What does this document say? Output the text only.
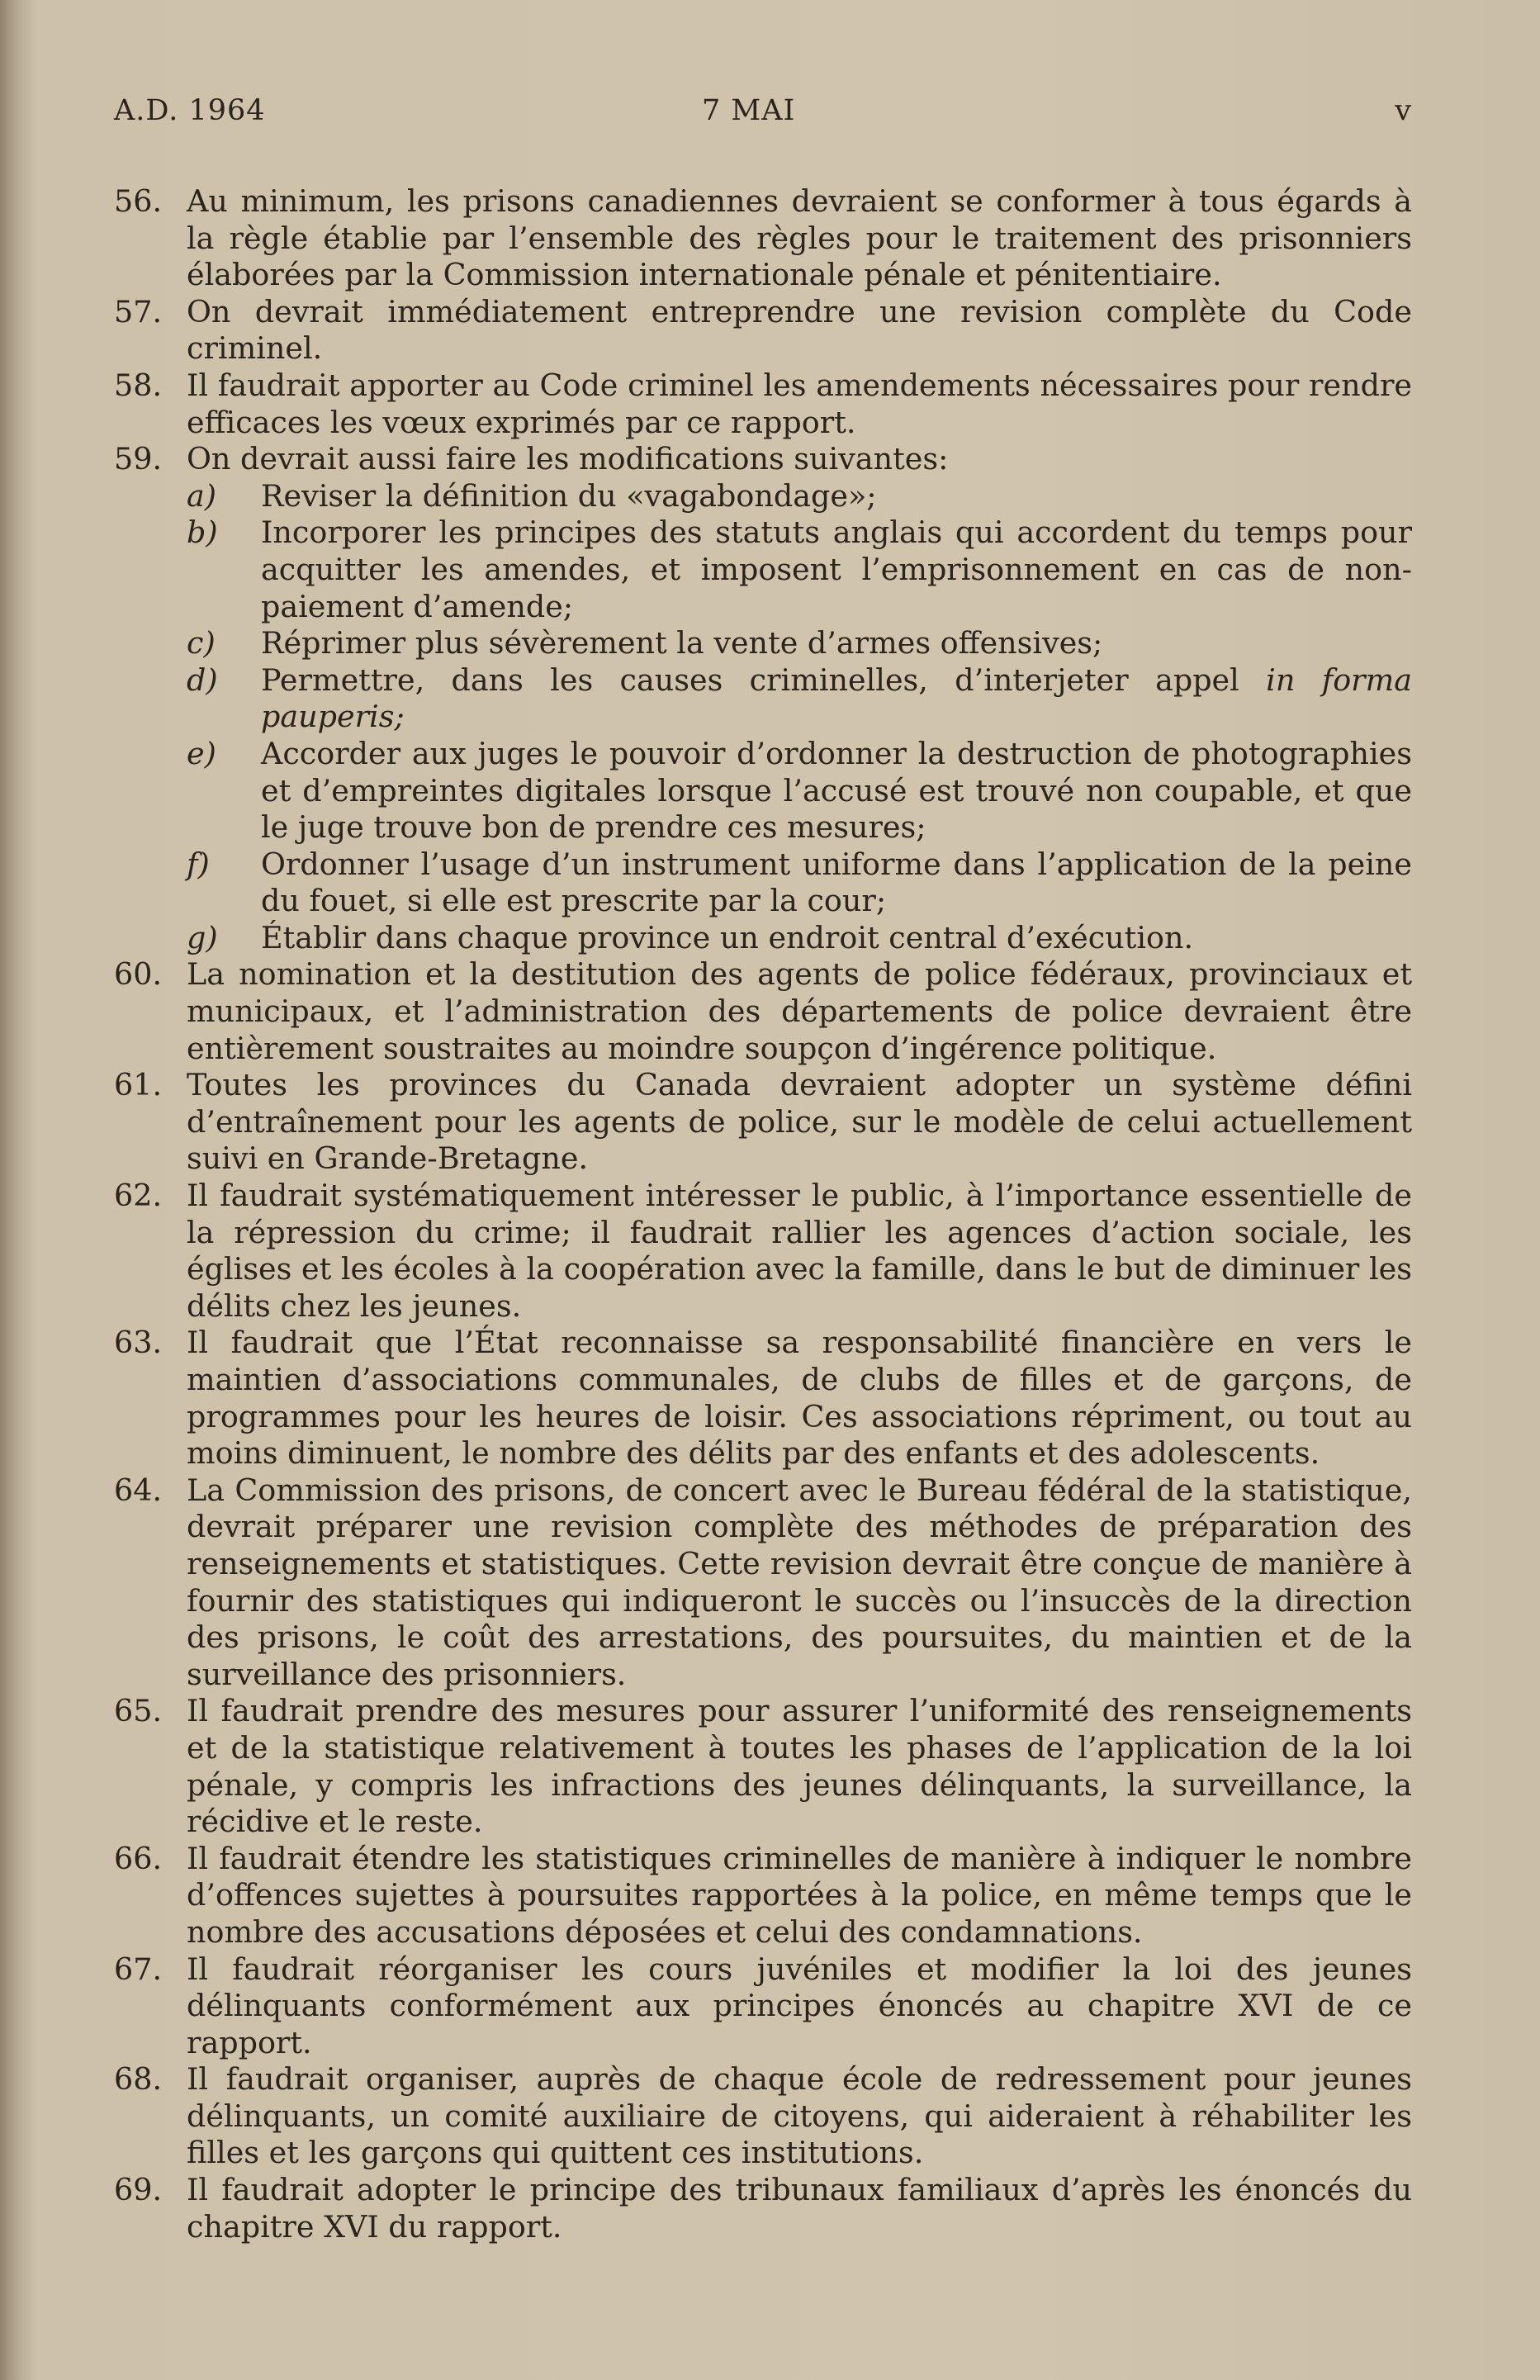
A.D. 1964	7 MAI	v
56. Au minimum, les prisons canadiennes devraient se conformer à tous égards à la règle établie par l’ensemble des règles pour le traitement des prisonniers élaborées par la Commission internationale pénale et pénitentiaire.
57. On devrait immédiatement entreprendre une revision complète du Code criminel.
58. Il faudrait apporter au Code criminel les amendements nécessaires pour rendre efficaces les vœux exprimés par ce rapport.
59. On devrait aussi faire les modifications suivantes:
a)	Reviser la définition du «vagabondage»;
b)	Incorporer les principes des statuts anglais qui accordent du temps pour acquitter les amendes, et imposent l’emprisonnement en cas de non-paiement d’amende;
c)	Réprimer plus sévèrement la vente d’armes offensives;
d)	Permettre, dans les causes criminelles, d’interjeter appel in forma pauperis;
e)	Accorder aux juges le pouvoir d’ordonner la destruction de photographies et d’empreintes digitales lorsque l’accusé est trouvé non coupable, et que le juge trouve bon de prendre ces mesures;
f)	Ordonner l’usage d’un instrument uniforme dans l’application de la peine du fouet, si elle est prescrite par la cour;
g)	Établir dans chaque province un endroit central d’exécution.
60. La nomination et la destitution des agents de police fédéraux, provinciaux et municipaux, et l’administration des départements de police devraient être entièrement soustraites au moindre soupçon d’ingérence politique.
61. Toutes les provinces du Canada devraient adopter un système défini d’entraînement pour les agents de police, sur le modèle de celui actuellement suivi en Grande-Bretagne.
62. Il faudrait systématiquement intéresser le public, à l’importance essentielle de la répression du crime; il faudrait rallier les agences d’action sociale, les églises et les écoles à la coopération avec la famille, dans le but de diminuer les délits chez les jeunes.
63. Il faudrait que l’État reconnaisse sa responsabilité financière en vers le maintien d’associations communales, de clubs de filles et de garçons, de programmes pour les heures de loisir. Ces associations répriment, ou tout au moins diminuent, le nombre des délits par des enfants et des adolescents.
64. La Commission des prisons, de concert avec le Bureau fédéral de la statistique, devrait préparer une revision complète des méthodes de préparation des renseignements et statistiques. Cette revision devrait être conçue de manière à fournir des statistiques qui indiqueront le succès ou l’insuccès de la direction des prisons, le coût des arrestations, des poursuites, du maintien et de la surveillance des prisonniers.
65. Il faudrait prendre des mesures pour assurer l’uniformité des renseignements et de la statistique relativement à toutes les phases de l’application de la loi pénale, y compris les infractions des jeunes délinquants, la surveillance, la récidive et le reste.
66. Il faudrait étendre les statistiques criminelles de manière à indiquer le nombre d’offences sujettes à poursuites rapportées à la police, en même temps que le nombre des accusations déposées et celui des condamnations.
67. Il faudrait réorganiser les cours juvéniles et modifier la loi des jeunes délinquants conformément aux principes énoncés au chapitre XVI de ce rapport.
68. Il faudrait organiser, auprès de chaque école de redressement pour jeunes délinquants, un comité auxiliaire de citoyens, qui aideraient à réhabiliter les filles et les garçons qui quittent ces institutions.
69. Il faudrait adopter le principe des tribunaux familiaux d’après les énoncés du chapitre XVI du rapport.
